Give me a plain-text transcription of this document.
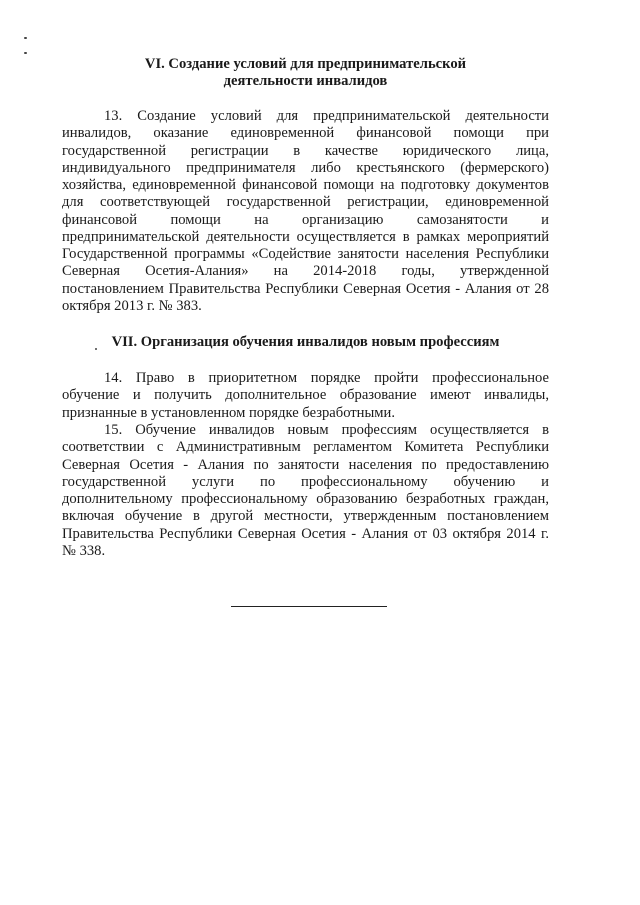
VI. Создание условий для предпринимательской
деятельности инвалидов

13. Создание условий для предпринимательской деятельности
инвалидов, оказание единовременной финансовой помощи при
государственной регистрации в качестве юридического лица,
индивидуального предпринимателя либо крестьянского (фермерского)
хозяйства, единовременной финансовой помощи на подготовку документов
для соответствующей государственной регистрации, единовременной
финансовой помощи на организацию самозанятости и
предпринимательской деятельности осуществляется в рамках мероприятий
Государственной программы «Содействие занятости населения Республики
Северная Осетия-Алания» на 2014-2018 годы, утвержденной
постановлением Правительства Республики Северная Осетия - Алания от 28
октября 2013 г. № 383.

VII. Организация обучения инвалидов новым профессиям

14. Право в приоритетном порядке пройти профессиональное
обучение и получить дополнительное образование имеют инвалиды,
признанные в установленном порядке безработными.

15. Обучение инвалидов новым профессиям осуществляется в
соответствии с Административным регламентом Комитета Республики
Северная Осетия - Алания по занятости населения по предоставлению
государственной услуги по профессиональному обучению и
дополнительному профессиональному образованию безработных граждан,
включая обучение в другой местности, утвержденным постановлением
Правительства Республики Северная Осетия - Алания от 03 октября 2014 г.
№ 338.
